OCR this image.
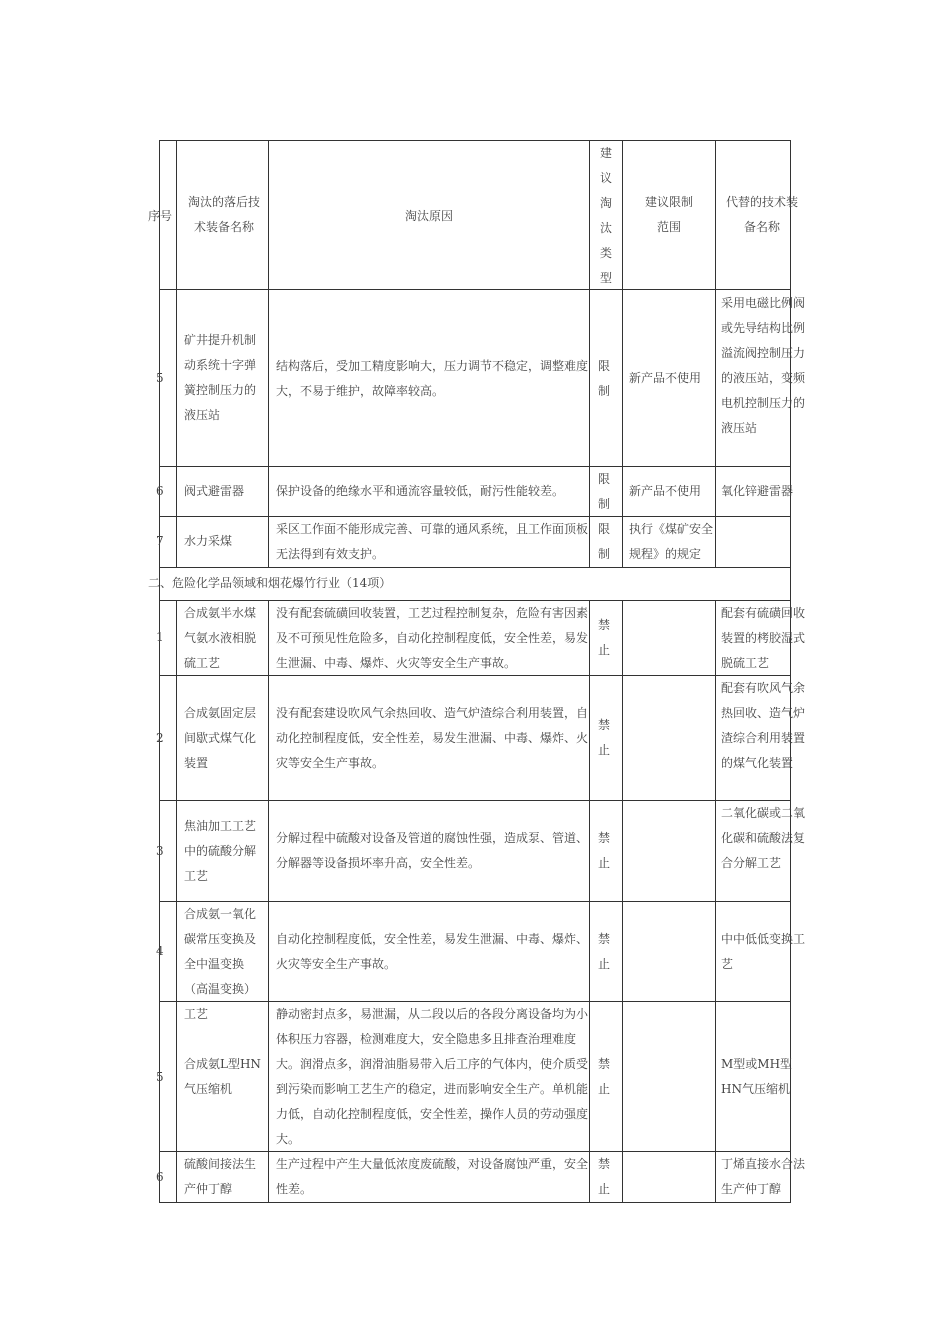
序号
淘汰的落后技术装备名称
淘汰原因
建议淘汰类型
建议限制范围
代替的技术装备名称
5
矿井提升机制动系统十字弹簧控制压力的液压站
结构落后，受加工精度影响大，压力调节不稳定，调整难度大，不易于维护，故障率较高。
限制
新产品不使用
采用电磁比例阀或先导结构比例溢流阀控制压力的液压站，变频电机控制压力的液压站
6 阀式避雷器	保护设备的绝缘水平和通流容量较低，耐污性能较差。
限制
新产品不使用	氧化锌避雷器
7 水力采煤
采区工作面不能形成完善、可靠的通风系统，且工作面顶板无法得到有效支护。
限制
执行《煤矿安全规程》的规定
二、危险化学品领域和烟花爆竹行业（14项）
1
合成氨半水煤气氨水液相脱硫工艺
没有配套硫磺回收装置，工艺过程控制复杂，危险有害因素及不可预见性危险多，自动化控制程度低，安全性差，易发生泄漏、中毒、爆炸、火灾等安全生产事故。
禁止
配套有硫磺回收装置的栲胶湿式脱硫工艺
2
合成氨固定层间歇式煤气化装置
没有配套建设吹风气余热回收、造气炉渣综合利用装置，自动化控制程度低，安全性差，易发生泄漏、中毒、爆炸、火灾等安全生产事故。
禁止
配套有吹风气余热回收、造气炉渣综合利用装置的煤气化装置
3
焦油加工工艺中的硫酸分解工艺
分解过程中硫酸对设备及管道的腐蚀性强，造成泵、管道、分解器等设备损坏率升高，安全性差。
禁止
二氧化碳或二氧化碳和硫酸法复合分解工艺
4
合成氨一氧化碳常压变换及全中温变换（高温变换）工艺
自动化控制程度低，安全性差，易发生泄漏、中毒、爆炸、火灾等安全生产事故。
禁止
中中低低变换工艺
5
合成氨L型HN气压缩机
静动密封点多，易泄漏，从二段以后的各段分离设备均为小体积压力容器，检测难度大，安全隐患多且排查治理难度大。润滑点多，润滑油脂易带入后工序的气体内，使介质受到污染而影响工艺生产的稳定，进而影响安全生产。单机能力低，自动化控制程度低，安全性差，操作人员的劳动强度大。
禁止
M型或MH型HN气压缩机
6
硫酸间接法生产仲丁醇
生产过程中产生大量低浓度废硫酸，对设备腐蚀严重，安全性差。
禁止
丁烯直接水合法生产仲丁醇
